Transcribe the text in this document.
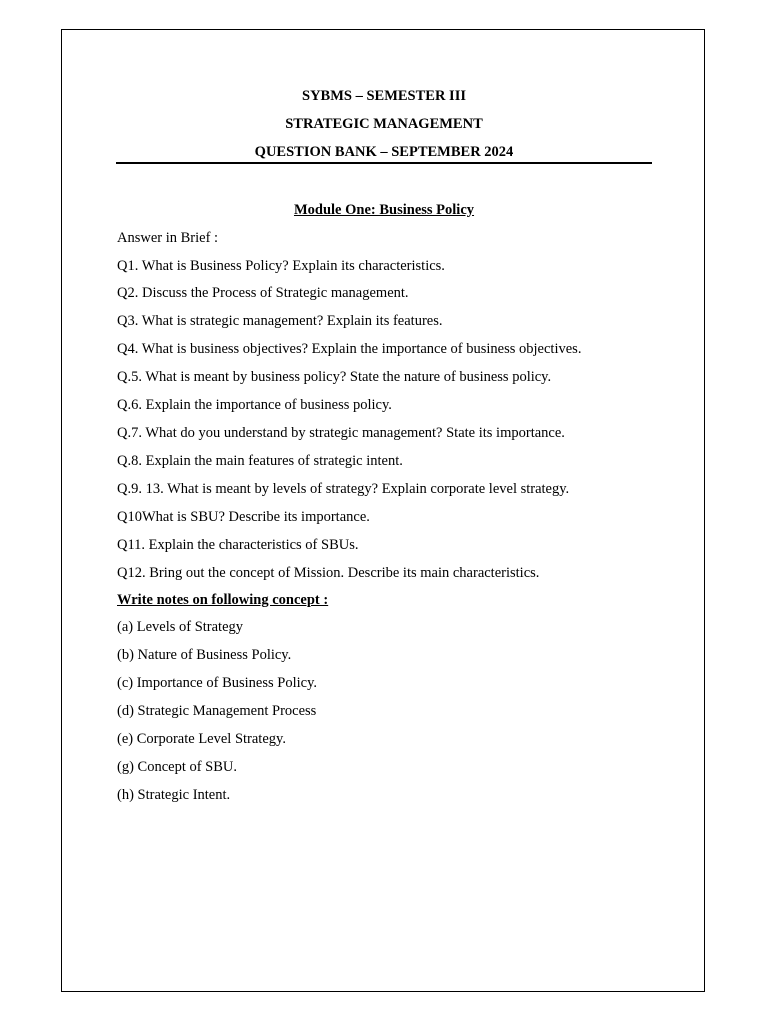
SYBMS – SEMESTER III
STRATEGIC MANAGEMENT
QUESTION BANK – SEPTEMBER 2024
Module One: Business Policy
Answer in Brief :
Q1. What is Business Policy? Explain its characteristics.
Q2. Discuss the Process of Strategic management.
Q3. What is strategic management? Explain its features.
Q4. What is business objectives? Explain the importance of business objectives.
Q.5. What is meant by business policy? State the nature of business policy.
Q.6. Explain the importance of business policy.
Q.7. What do you understand by strategic management? State its importance.
Q.8. Explain the main features of strategic intent.
Q.9. 13. What is meant by levels of strategy? Explain corporate level strategy.
Q10What is SBU? Describe its importance.
Q11. Explain the characteristics of SBUs.
Q12. Bring out the concept of Mission. Describe its main characteristics.
Write notes on following concept :
(a) Levels of Strategy
(b) Nature of Business Policy.
(c) Importance of Business Policy.
(d) Strategic Management Process
(e) Corporate Level Strategy.
(g) Concept of SBU.
(h) Strategic Intent.
